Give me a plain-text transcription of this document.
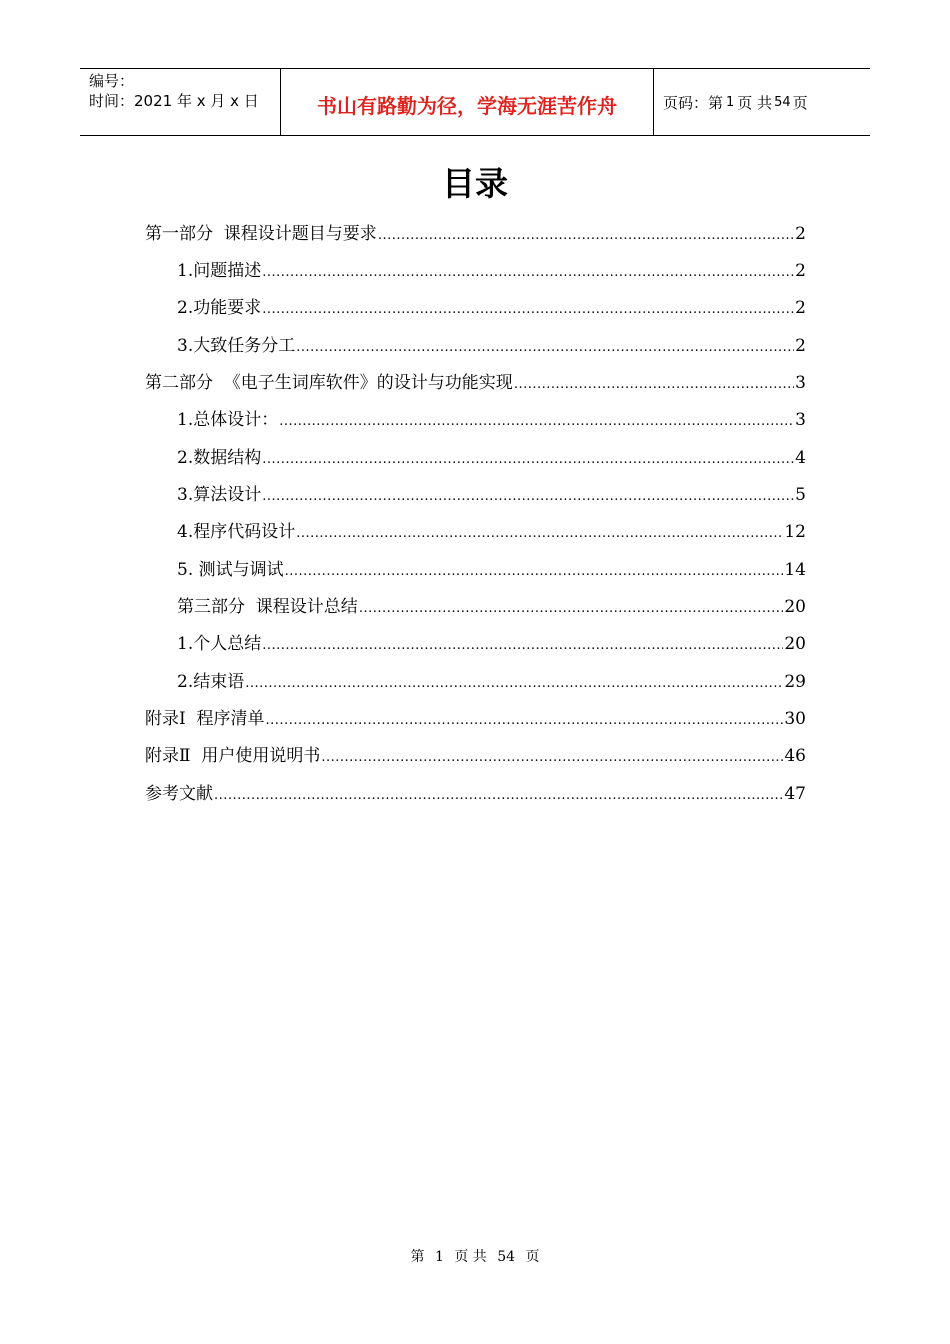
编号：
时间：2021 年 x 月 x 日	书山有路勤为径，学海无涯苦作舟	页码：第 1 页 共 54 页
目录
第一部分  课程设计题目与要求 .....	2
1.问题描述 .....	2
2.功能要求 .....	2
3.大致任务分工 .....	2
第二部分  《电子生词库软件》的设计与功能实现 .....	3
1.总体设计： .....	3
2.数据结构 .....	4
3.算法设计 .....	5
4.程序代码设计 .....	12
5. 测试与调试 .....	14
第三部分  课程设计总结 .....	20
1.个人总结 .....	20
2.结束语 .....	29
附录Ⅰ  程序清单 .....	30
附录Ⅱ  用户使用说明书 .....	46
参考文献 .....	47
第 1 页 共 54 页
